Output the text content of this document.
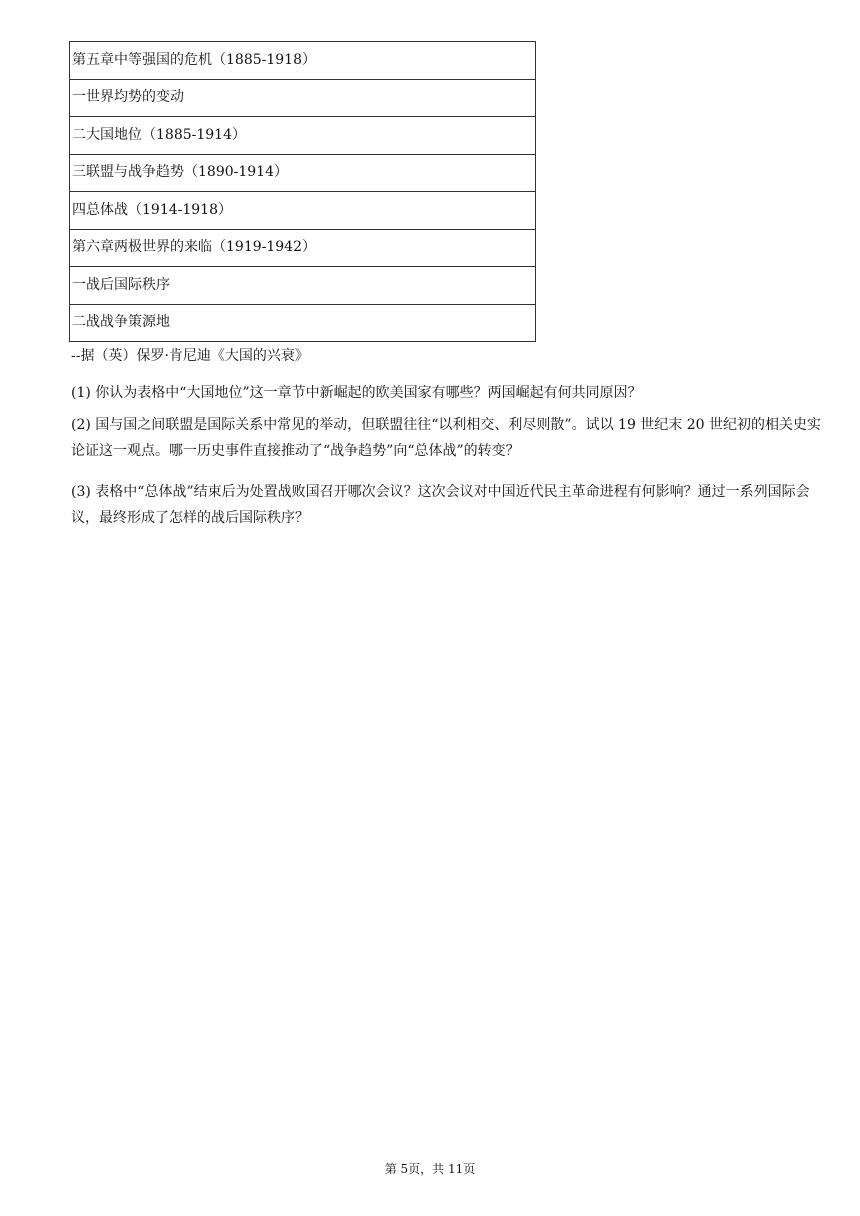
第五章中等强国的危机（1885-1918）
一世界均势的变动
二大国地位（1885-1914）
三联盟与战争趋势（1890-1914）
四总体战（1914-1918）
第六章两极世界的来临（1919-1942）
一战后国际秩序
二战战争策源地
--据（英）保罗·肯尼迪《大国的兴衰》
(1) 你认为表格中“大国地位”这一章节中新崛起的欧美国家有哪些？两国崛起有何共同原因？
(2) 国与国之间联盟是国际关系中常见的举动，但联盟往往“以利相交、利尽则散”。试以 19 世纪末 20 世纪初的相关史实论证这一观点。哪一历史事件直接推动了“战争趋势”向“总体战”的转变？
(3) 表格中“总体战”结束后为处置战败国召开哪次会议？这次会议对中国近代民主革命进程有何影响？通过一系列国际会议，最终形成了怎样的战后国际秩序？
第 5页，共 11页
